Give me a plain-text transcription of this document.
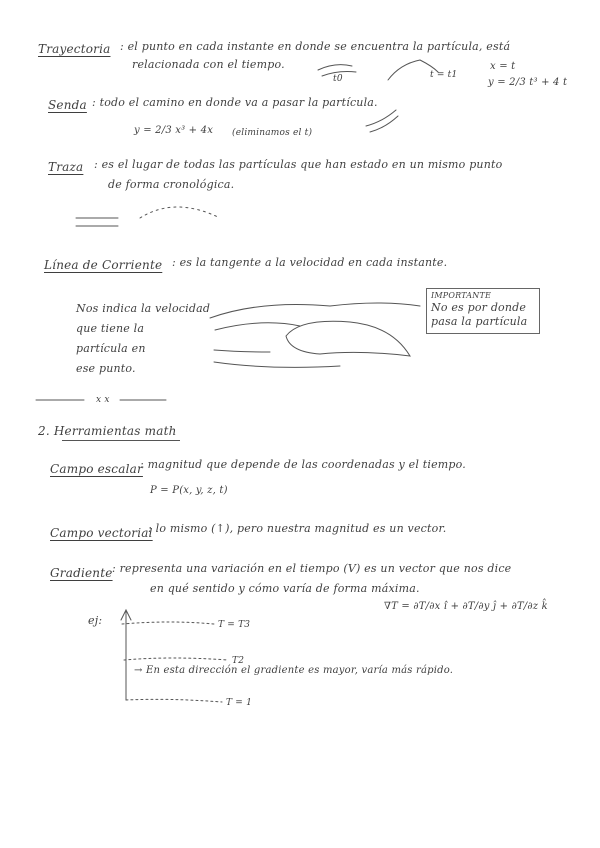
Trayectoria : el punto en cada instante en donde se encuentra la partícula, está
relacionada con el tiempo.
t0	t = t1
x = t
y = 2/3 t³ + 4 t
Senda : todo el camino en donde va a pasar la partícula.
y = 2/3 x³ + 4x (eliminamos el t)
Traza : es el lugar de todas las partículas que han estado en un mismo punto
de forma cronológica.
Línea de Corriente : es la tangente a la velocidad en cada instante.
Nos indica la velocidad
que tiene la
partícula en
ese punto.
IMPORTANTE
No es por donde
pasa la partícula
x x
2. Herramientas math
Campo escalar
: magnitud que depende de las coordenadas y el tiempo.
P = P(x, y, z, t)
Campo vectorial
: lo mismo (↑), pero nuestra magnitud es un vector.
Gradiente : representa una variación en el tiempo (V) es un vector que nos dice
en qué sentido y cómo varía de forma máxima.
∇T = ∂T/∂x î + ∂T/∂y ĵ + ∂T/∂z k̂
ej:	T = T3
T2
T = 1
→ En esta dirección el gradiente es mayor, varía más rápido.
